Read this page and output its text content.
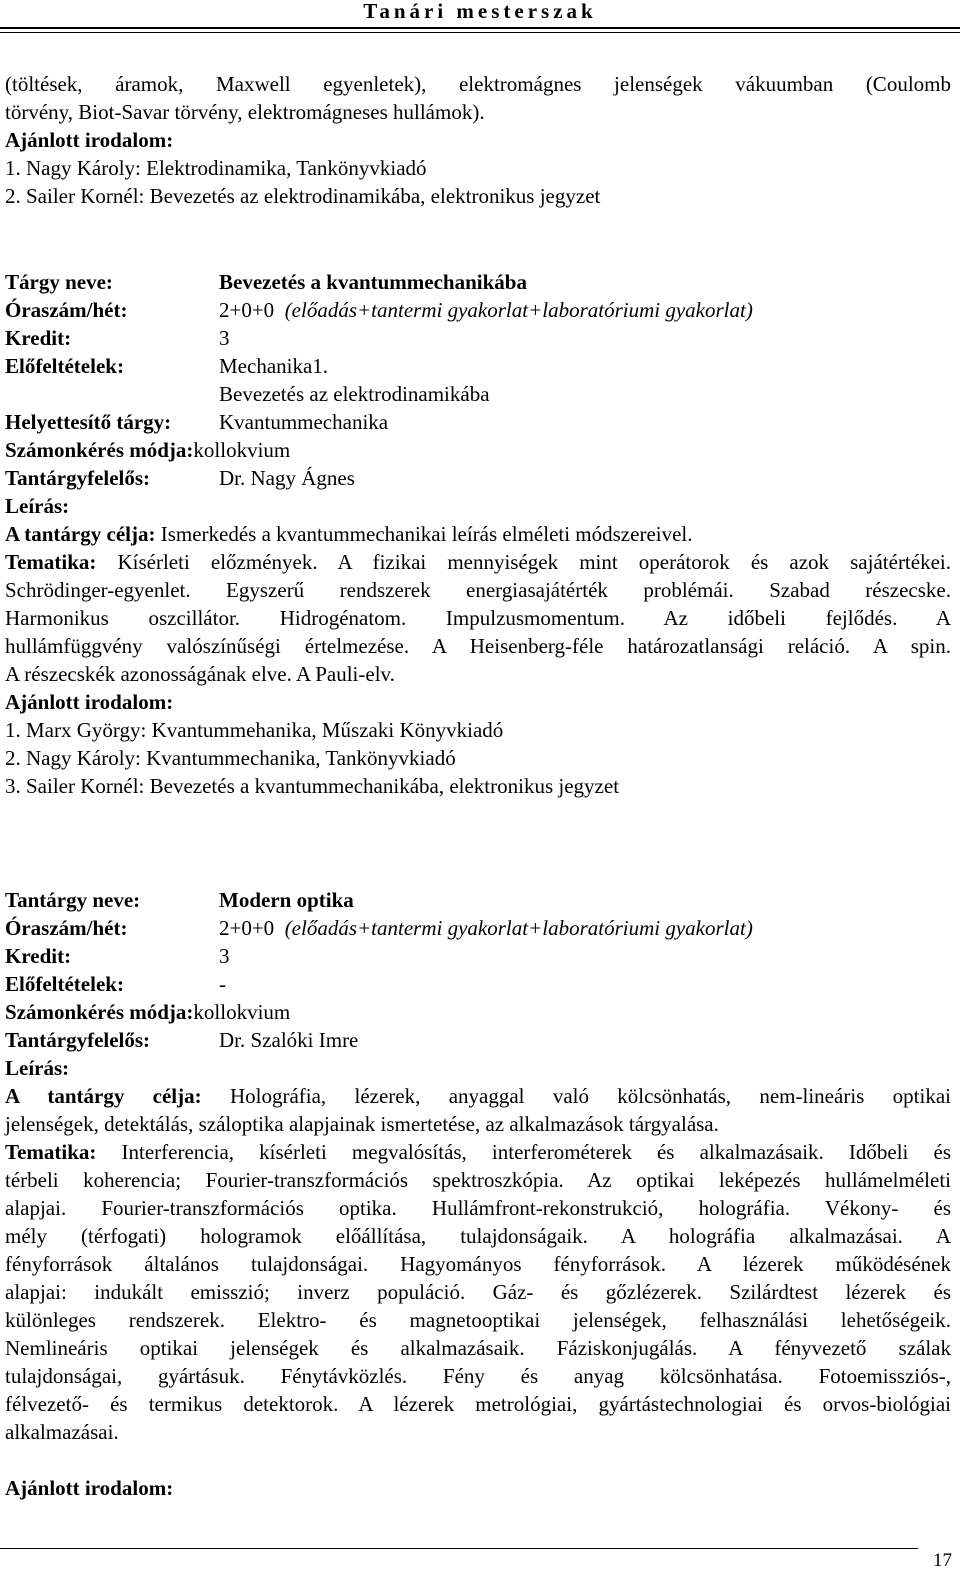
Tanári mesterszak
(töltések, áramok, Maxwell egyenletek), elektromágnes jelenségek vákuumban (Coulomb
törvény, Biot-Savar törvény, elektromágneses hullámok).
Ajánlott irodalom:
1. Nagy Károly: Elektrodinamika, Tankönyvkiadó
2. Sailer Kornél: Bevezetés az elektrodinamikába, elektronikus jegyzet
Tárgy neve:	Bevezetés a kvantummechanikába
Óraszám/hét:	2+0+0 (előadás+tantermi gyakorlat+laboratóriumi gyakorlat)
Kredit:	3
Előfeltételek:	Mechanika1.
Bevezetés az elektrodinamikába
Helyettesítő tárgy: Kvantummechanika
Számonkérés módja:kollokvium
Tantárgyfelelős:	Dr. Nagy Ágnes
Leírás:
A tantárgy célja: Ismerkedés a kvantummechanikai leírás elméleti módszereivel.
Tematika: Kísérleti előzmények. A fizikai mennyiségek mint operátorok és azok sajátértékei.
Schrödinger-egyenlet. Egyszerű rendszerek energiasajátérték problémái. Szabad részecske.
Harmonikus oszcillátor. Hidrogénatom. Impulzusmomentum. Az időbeli fejlődés. A
hullámfüggvény valószínűségi értelmezése. A Heisenberg-féle határozatlansági reláció. A spin.
A részecskék azonosságának elve. A Pauli-elv.
Ajánlott irodalom:
1. Marx György: Kvantummehanika, Műszaki Könyvkiadó
2. Nagy Károly: Kvantummechanika, Tankönyvkiadó
3. Sailer Kornél: Bevezetés a kvantummechanikába, elektronikus jegyzet
Tantárgy neve:	Modern optika
Óraszám/hét:	2+0+0 (előadás+tantermi gyakorlat+laboratóriumi gyakorlat)
Kredit:	3
Előfeltételek:	-
Számonkérés módja:kollokvium
Tantárgyfelelős:	Dr. Szalóki Imre
Leírás:
A tantárgy célja: Holográfia, lézerek, anyaggal való kölcsönhatás, nem-lineáris optikai
jelenségek, detektálás, száloptika alapjainak ismertetése, az alkalmazások tárgyalása.
Tematika: Interferencia, kísérleti megvalósítás, interferométerek és alkalmazásaik. Időbeli és
térbeli koherencia; Fourier-transzformációs spektroszkópia. Az optikai leképezés hullámelméleti
alapjai. Fourier-transzformációs optika. Hullámfront-rekonstrukció, holográfia. Vékony- és
mély (térfogati) hologramok előállítása, tulajdonságaik. A holográfia alkalmazásai. A
fényforrások általános tulajdonságai. Hagyományos fényforrások. A lézerek működésének
alapjai: indukált emisszió; inverz populáció. Gáz- és gőzlézerek. Szilárdtest lézerek és
különleges rendszerek. Elektro- és magnetooptikai jelenségek, felhasználási lehetőségeik.
Nemlineáris optikai jelenségek és alkalmazásaik. Fáziskonjugálás. A fényvezető szálak
tulajdonságai, gyártásuk. Fénytávközlés. Fény és anyag kölcsönhatása. Fotoemissziós-,
félvezető- és termikus detektorok. A lézerek metrológiai, gyártástechnologiai és orvos-biológiai
alkalmazásai.
Ajánlott irodalom:
17
